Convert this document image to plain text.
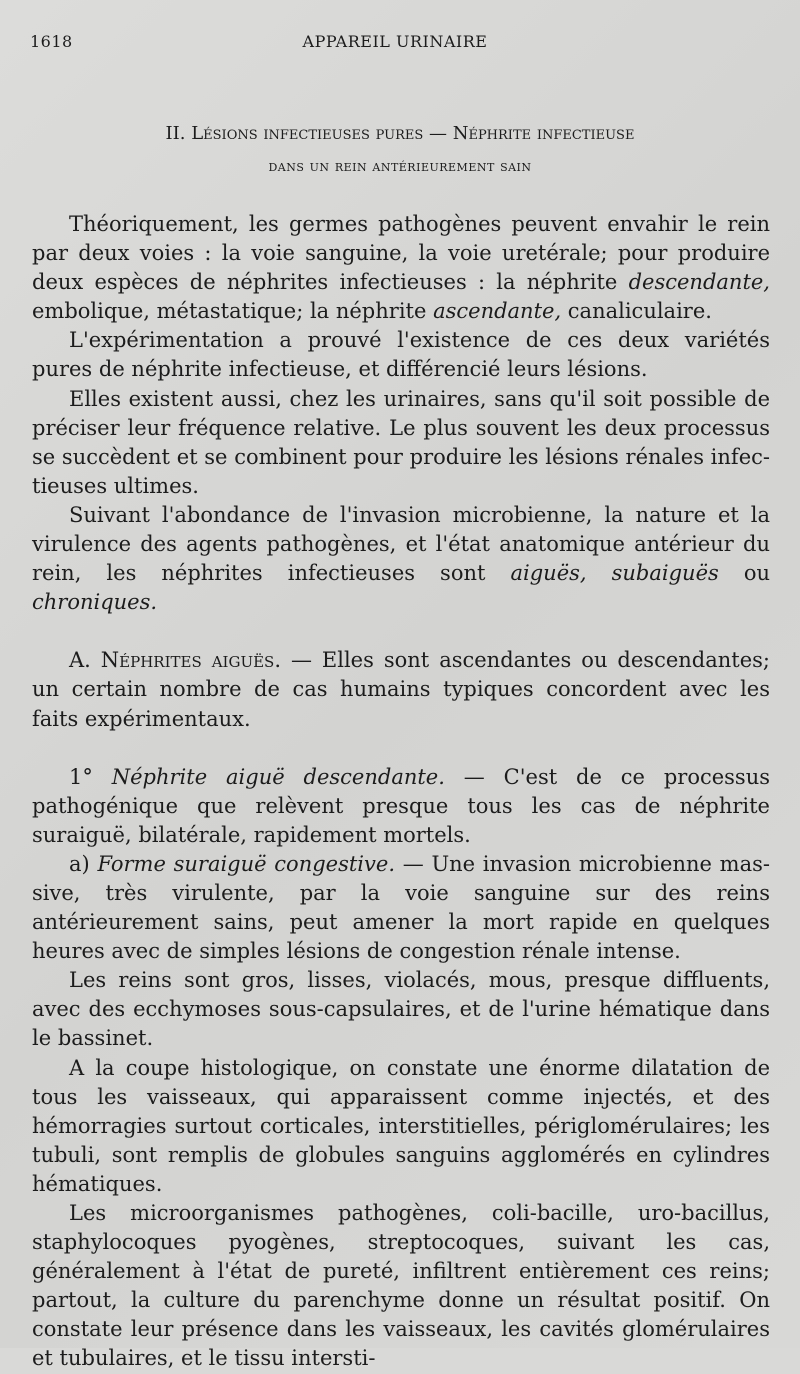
1618	APPAREIL URINAIRE
II. Lésions infectieuses pures — Néphrite infectieuse
dans un rein antérieurement sain

Théoriquement, les germes pathogènes peuvent envahir le rein par deux voies : la voie sanguine, la voie uretérale; pour produire deux espèces de néphrites infectieuses : la néphrite descendante, embolique, métastatique; la néphrite ascendante, canaliculaire.

L'expérimentation a prouvé l'existence de ces deux variétés pures de néphrite infectieuse, et différencié leurs lésions.

Elles existent aussi, chez les urinaires, sans qu'il soit possible de préciser leur fréquence relative. Le plus souvent les deux processus se succèdent et se combinent pour produire les lésions rénales infectieuses ultimes.

Suivant l'abondance de l'invasion microbienne, la nature et la virulence des agents pathogènes, et l'état anatomique antérieur du rein, les néphrites infectieuses sont aiguës, subaiguës ou chroniques.

A. Néphrites aiguës. — Elles sont ascendantes ou descendantes; un certain nombre de cas humains typiques concordent avec les faits expérimentaux.

1° Néphrite aiguë descendante. — C'est de ce processus pathogénique que relèvent presque tous les cas de néphrite suraiguë, bilatérale, rapidement mortels.

a) Forme suraiguë congestive. — Une invasion microbienne massive, très virulente, par la voie sanguine sur des reins antérieurement sains, peut amener la mort rapide en quelques heures avec de simples lésions de congestion rénale intense.

Les reins sont gros, lisses, violacés, mous, presque diffluents, avec des ecchymoses sous-capsulaires, et de l'urine hématique dans le bassinet.

A la coupe histologique, on constate une énorme dilatation de tous les vaisseaux, qui apparaissent comme injectés, et des hémorragies surtout corticales, interstitielles, périglomérulaires; les tubuli, sont remplis de globules sanguins agglomérés en cylindres hématiques.

Les microorganismes pathogènes, coli-bacille, uro-bacillus, staphylocoques pyogènes, streptocoques, suivant les cas, généralement à l'état de pureté, infiltrent entièrement ces reins; partout, la culture du parenchyme donne un résultat positif. On constate leur présence dans les vaisseaux, les cavités glomérulaires et tubulaires, et le tissu intersti-
